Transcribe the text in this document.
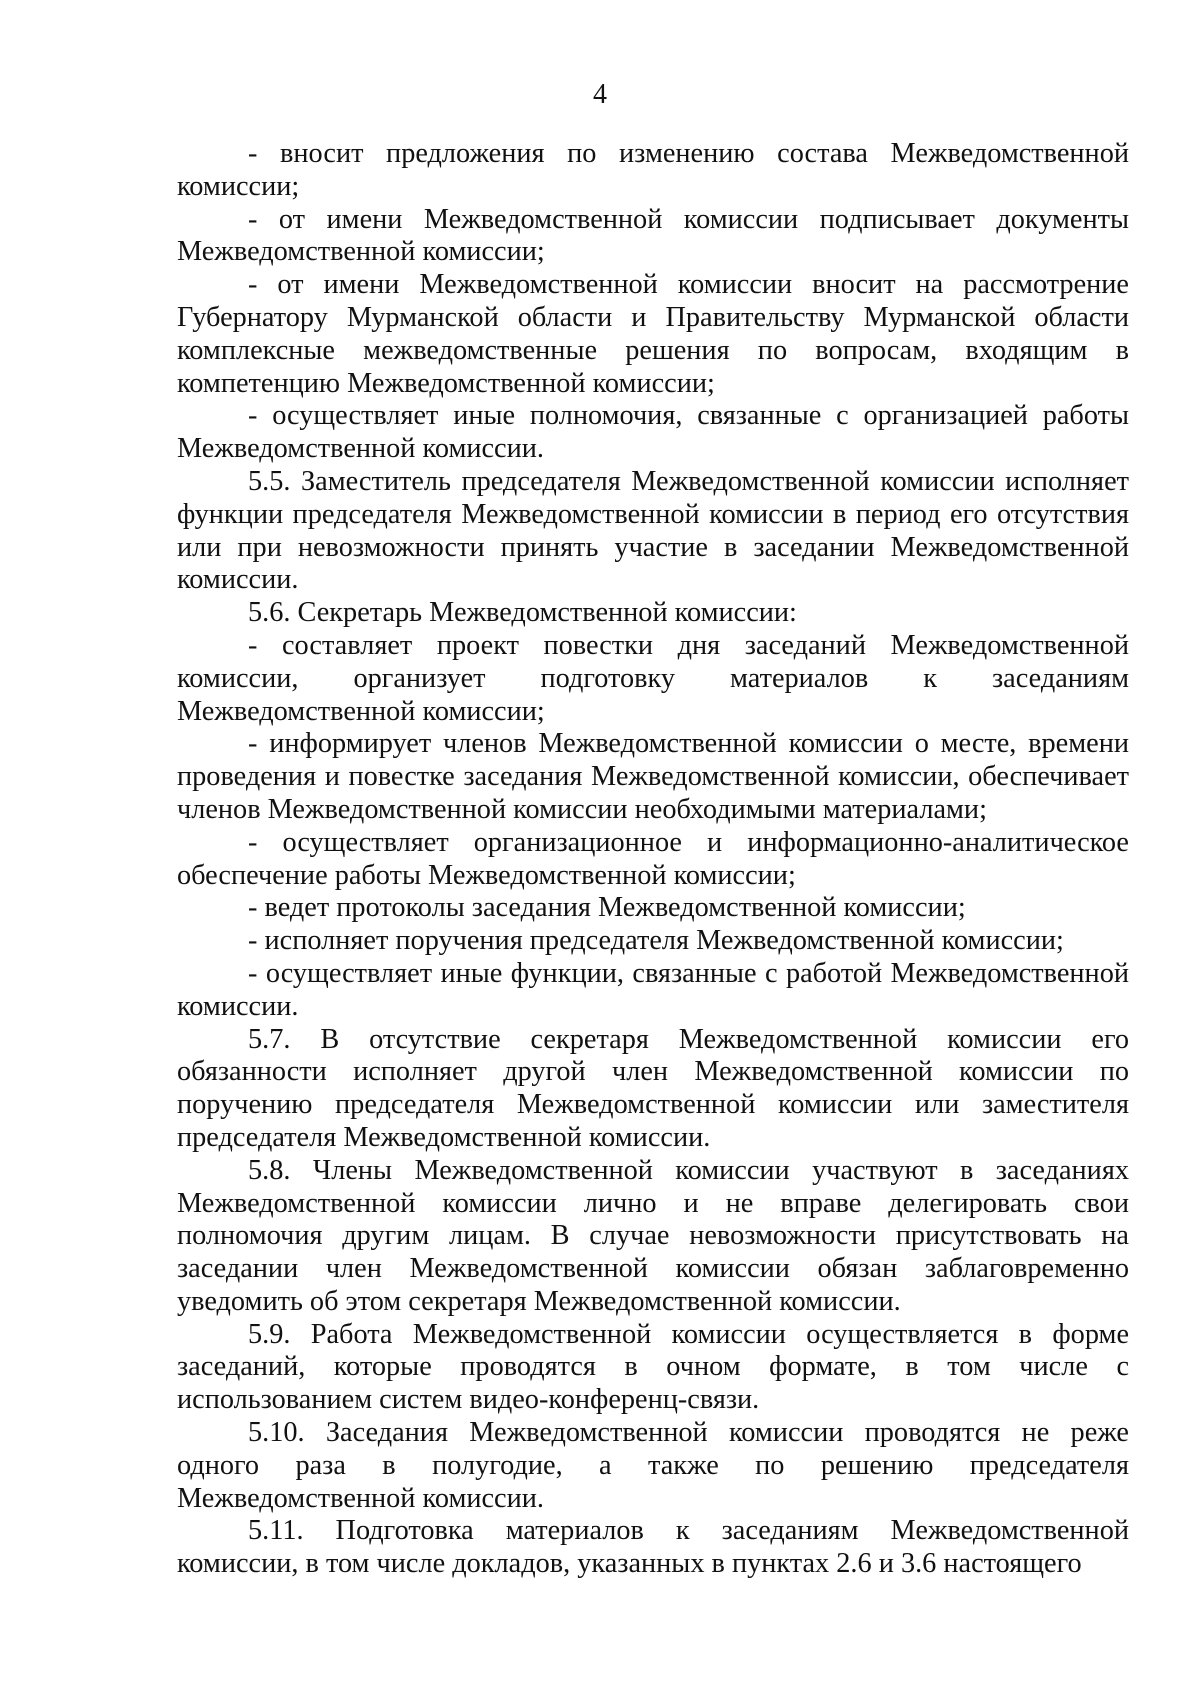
4

- вносит предложения по изменению состава Межведомственной комиссии;

- от имени Межведомственной комиссии подписывает документы Межведомственной комиссии;

- от имени Межведомственной комиссии вносит на рассмотрение Губернатору Мурманской области и Правительству Мурманской области комплексные межведомственные решения по вопросам, входящим в компетенцию Межведомственной комиссии;

- осуществляет иные полномочия, связанные с организацией работы Межведомственной комиссии.

5.5. Заместитель председателя Межведомственной комиссии исполняет функции председателя Межведомственной комиссии в период его отсутствия или при невозможности принять участие в заседании Межведомственной комиссии.

5.6. Секретарь Межведомственной комиссии:

- составляет проект повестки дня заседаний Межведомственной комиссии, организует подготовку материалов к заседаниям Межведомственной комиссии;

- информирует членов Межведомственной комиссии о месте, времени проведения и повестке заседания Межведомственной комиссии, обеспечивает членов Межведомственной комиссии необходимыми материалами;

- осуществляет организационное и информационно-аналитическое обеспечение работы Межведомственной комиссии;

- ведет протоколы заседания Межведомственной комиссии;

- исполняет поручения председателя Межведомственной комиссии;

- осуществляет иные функции, связанные с работой Межведомственной комиссии.

5.7. В отсутствие секретаря Межведомственной комиссии его обязанности исполняет другой член Межведомственной комиссии по поручению председателя Межведомственной комиссии или заместителя председателя Межведомственной комиссии.

5.8. Члены Межведомственной комиссии участвуют в заседаниях Межведомственной комиссии лично и не вправе делегировать свои полномочия другим лицам. В случае невозможности присутствовать на заседании член Межведомственной комиссии обязан заблаговременно уведомить об этом секретаря Межведомственной комиссии.

5.9. Работа Межведомственной комиссии осуществляется в форме заседаний, которые проводятся в очном формате, в том числе с использованием систем видео-конференц-связи.

5.10. Заседания Межведомственной комиссии проводятся не реже одного раза в полугодие, а также по решению председателя Межведомственной комиссии.

5.11. Подготовка материалов к заседаниям Межведомственной комиссии, в том числе докладов, указанных в пунктах 2.6 и 3.6 настоящего
